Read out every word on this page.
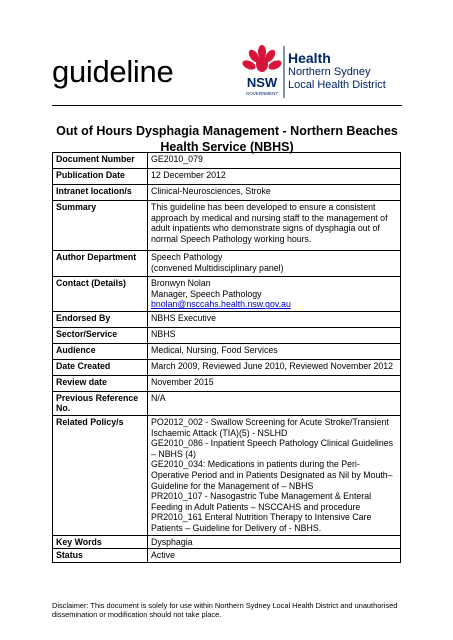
guideline	NSW
GOVERNMENT
Health
Northern Sydney
Local Health District
Out of Hours Dysphagia Management - Northern Beaches Health Service (NBHS)
Document Number	GE2010_079
Publication Date	12 December 2012
Intranet location/s	Clinical-Neurosciences, Stroke
Summary	This guideline has been developed to ensure a consistent approach by medical and nursing staff to the management of adult inpatients who demonstrate signs of dysphagia out of normal Speech Pathology working hours.
Author Department	Speech Pathology
(convened Multidisciplinary panel)

Contact (Details)	Bronwyn Nolan
Manager, Speech Pathology
bnolan@nsccahs.health.nsw.gov.au
Endorsed By	NBHS Executive
Sector/Service	NBHS
Audience	Medical, Nursing, Food Services
Date Created	March 2009, Reviewed June 2010, Reviewed November 2012
Review date	November 2015
Previous Reference No.	N/A
Related Policy/s	PO2012_002 - Swallow Screening for Acute Stroke/Transient Ischaemic Attack (TIA)(5) - NSLHD
GE2010_086 - Inpatient Speech Pathology Clinical Guidelines – NBHS (4)
GE2010_034: Medications in patients during the Peri-Operative Period and in Patients Designated as Nil by Mouth– Guideline for the Management of – NBHS
PR2010_107 - Nasogastric Tube Management & Enteral Feeding in Adult Patients – NSCCAHS and procedure
PR2010_161 Enteral Nutrition Therapy to Intensive Care Patients – Guideline for Delivery of - NBHS.

Key Words	Dysphagia
Status	Active
Disclaimer: This document is solely for use within Northern Sydney Local Health District and unauthorised dissemination or modification should not take place.
